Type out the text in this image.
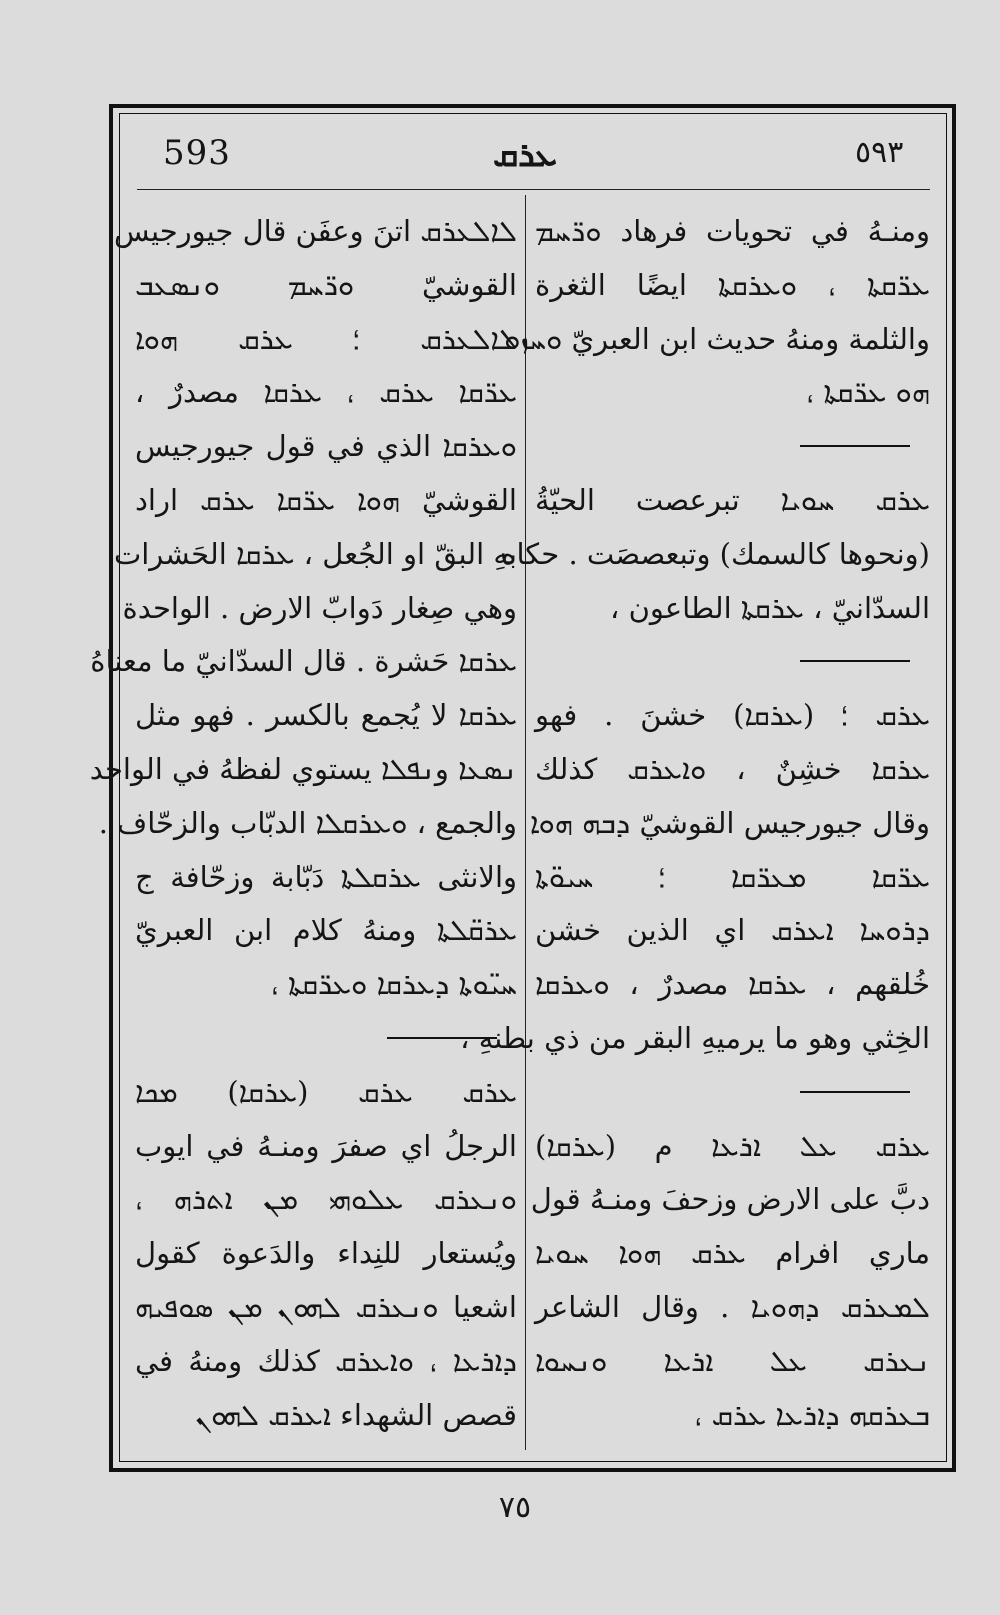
593	ܥܪܩ	٥٩٣
ومنـهُ في تحويات فرهاد ܘܪ̈ܚܡ
ܥܪ̈ܩܬܐ ، ܘܥܪܩܬܐ ايضًا الثغرة
والثلمة ومنهُ حديث ابن العبريّ ܘܚܙܘ
ܗܘ ܥܪ̈ܩܬܐ ،
ܥܪܩ ܚܘܝܐ تبرعصت الحيّةُ
(ونحوها كالسمك) وتبعصصَت . حكاه
السدّانيّ ، ܥܪܩܬܐ الطاعون ،
ܥܪܩ ؛ (ܥܪܩܐ) خشنَ . فهو
ܥܪܩܐ خشِنٌ ، ܘܐܥܪܩ كذلك
وقال جيورجيس القوشيّ ܕܒܗ ܗܘܐ
ܥܪ̈ܩܐ ܡܥܪ̈ܩܐ ؛ ܚܝܘ̈ܬܐ
ܕܪܘܚܐ ܐܥܪܩ اي الذين خشن
خُلقهم ، ܥܪܩܐ مصدرٌ ، ܘܥܪܩܐ
الخِثي وهو ما يرميهِ البقر من ذي بطنهِ ،
ܥܪܩ ܥܠ ܐܪܥܐ م (ܥܪܩܐ)
دبَّ على الارض وزحفَ ومنـهُ قول
ماري افرام ܥܪܩ ܗܘܐ ܚܘܝܐ
ܠܡܥܪܩ ܕܗܘܝܐ . وقال الشاعر
ܢܥܪܩ ܥܠ ܐܪܥܐ ܘܢܚܘܐ
ܒܥܪܩܗ ܕܐܪܥܐ ܥܪܩ ،
ܠܐܠܥܪܩ اتنَ وعفَن قال جيورجيس
القوشيّ ܘܪ̈ܚܡ ܘܢܣܥܒ
ܠܐܠܥܪܩ ؛ ܥܪܩ ܗܘܐ
ܥܪ̈ܩܐ ܥܪܩ ، ܥܪܩܐ مصدرٌ ،
ܘܥܪܩܐ الذي في قول جيورجيس
القوشيّ ܗܘܐ ܥܪ̈ܩܐ ܥܪܩ اراد
بهِ البقّ او الجُعل ، ܥܪܩܐ الحَشرات
وهي صِغار دَوابّ الارض . الواحدة
ܥܪܩܐ حَشرة . قال السدّانيّ ما معناهُ
ܥܪܩܐ لا يُجمع بالكسر . فهو مثل
ܢܣܥܐ وܢܦܠܐ يستوي لفظهُ في الواحد
والجمع ، ܘܥܪܩܠܐ الدبّاب والزحّاف .
والانثى ܥܪܩܠܬܐ دَبّابة وزحّافة ج
ܥܪܩ̈ܠܬܐ ومنهُ كلام ابن العبريّ
ܚܝ̈ܘܬܐ ܕܥܪܩܐ ܘܥܪ̈ܩܬܐ ،
ܥܪܩ ܥܪܩ (ܥܪܩܐ) ܡܟܐ
الرجلُ اي صفرَ ومنـهُ في ايوب
ܘܢܥܪܩ ܥܠܘܗܝ ܡܢ ܐܬܪܗ ،
ويُستعار للنِداء والدَعوة كقول
اشعيا ܘܢܥܪܩ ܠܗܘܢ ܡܢ ܣܘܦܝܗ
ܕܐܪܥܐ ، ܘܐܥܪܩ كذلك ومنهُ في
قصص الشهداء ܐܥܪܩ ܠܗܘܢ
٧٥
